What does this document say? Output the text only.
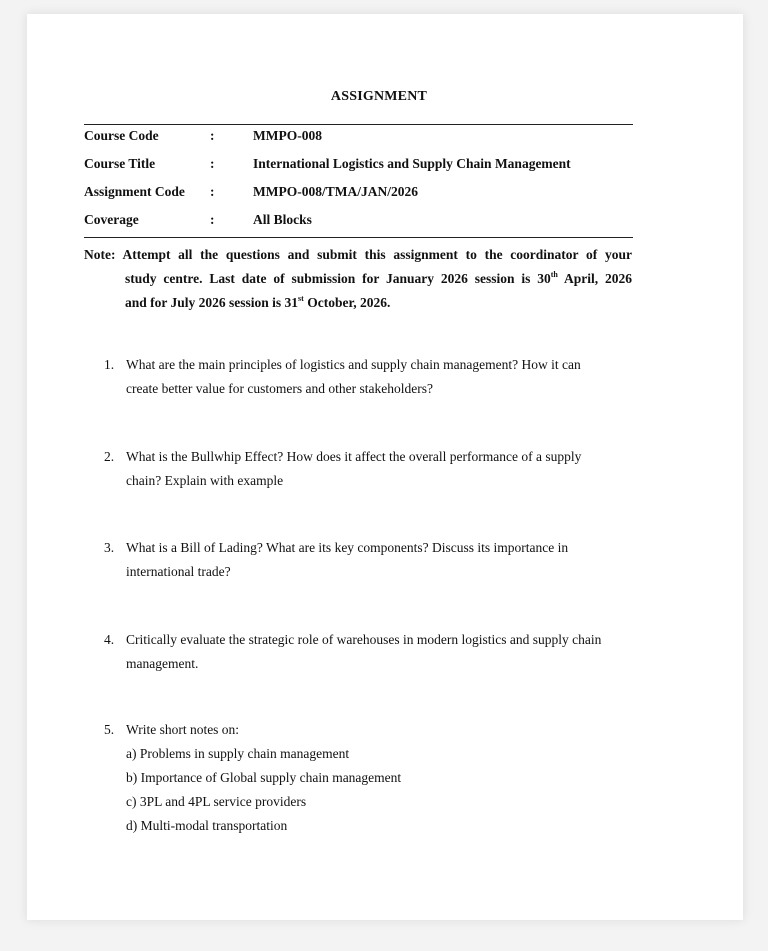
ASSIGNMENT
Course Code	:	MMPO-008
Course Title	:	International Logistics and Supply Chain Management
Assignment Code :	MMPO-008/TMA/JAN/2026
Coverage	:	All Blocks

Note: Attempt all the questions and submit this assignment to the coordinator of your

study centre. Last date of submission for January 2026 session is 30th April, 2026

and for July 2026 session is 31st October, 2026.

1. What are the main principles of logistics and supply chain management? How it can
create better value for customers and other stakeholders?
2. What is the Bullwhip Effect? How does it affect the overall performance of a supply
chain? Explain with example
3. What is a Bill of Lading? What are its key components? Discuss its importance in
international trade?
4. Critically evaluate the strategic role of warehouses in modern logistics and supply chain
management.
5. Write short notes on:
a) Problems in supply chain management
b) Importance of Global supply chain management
c) 3PL and 4PL service providers
d) Multi-modal transportation
